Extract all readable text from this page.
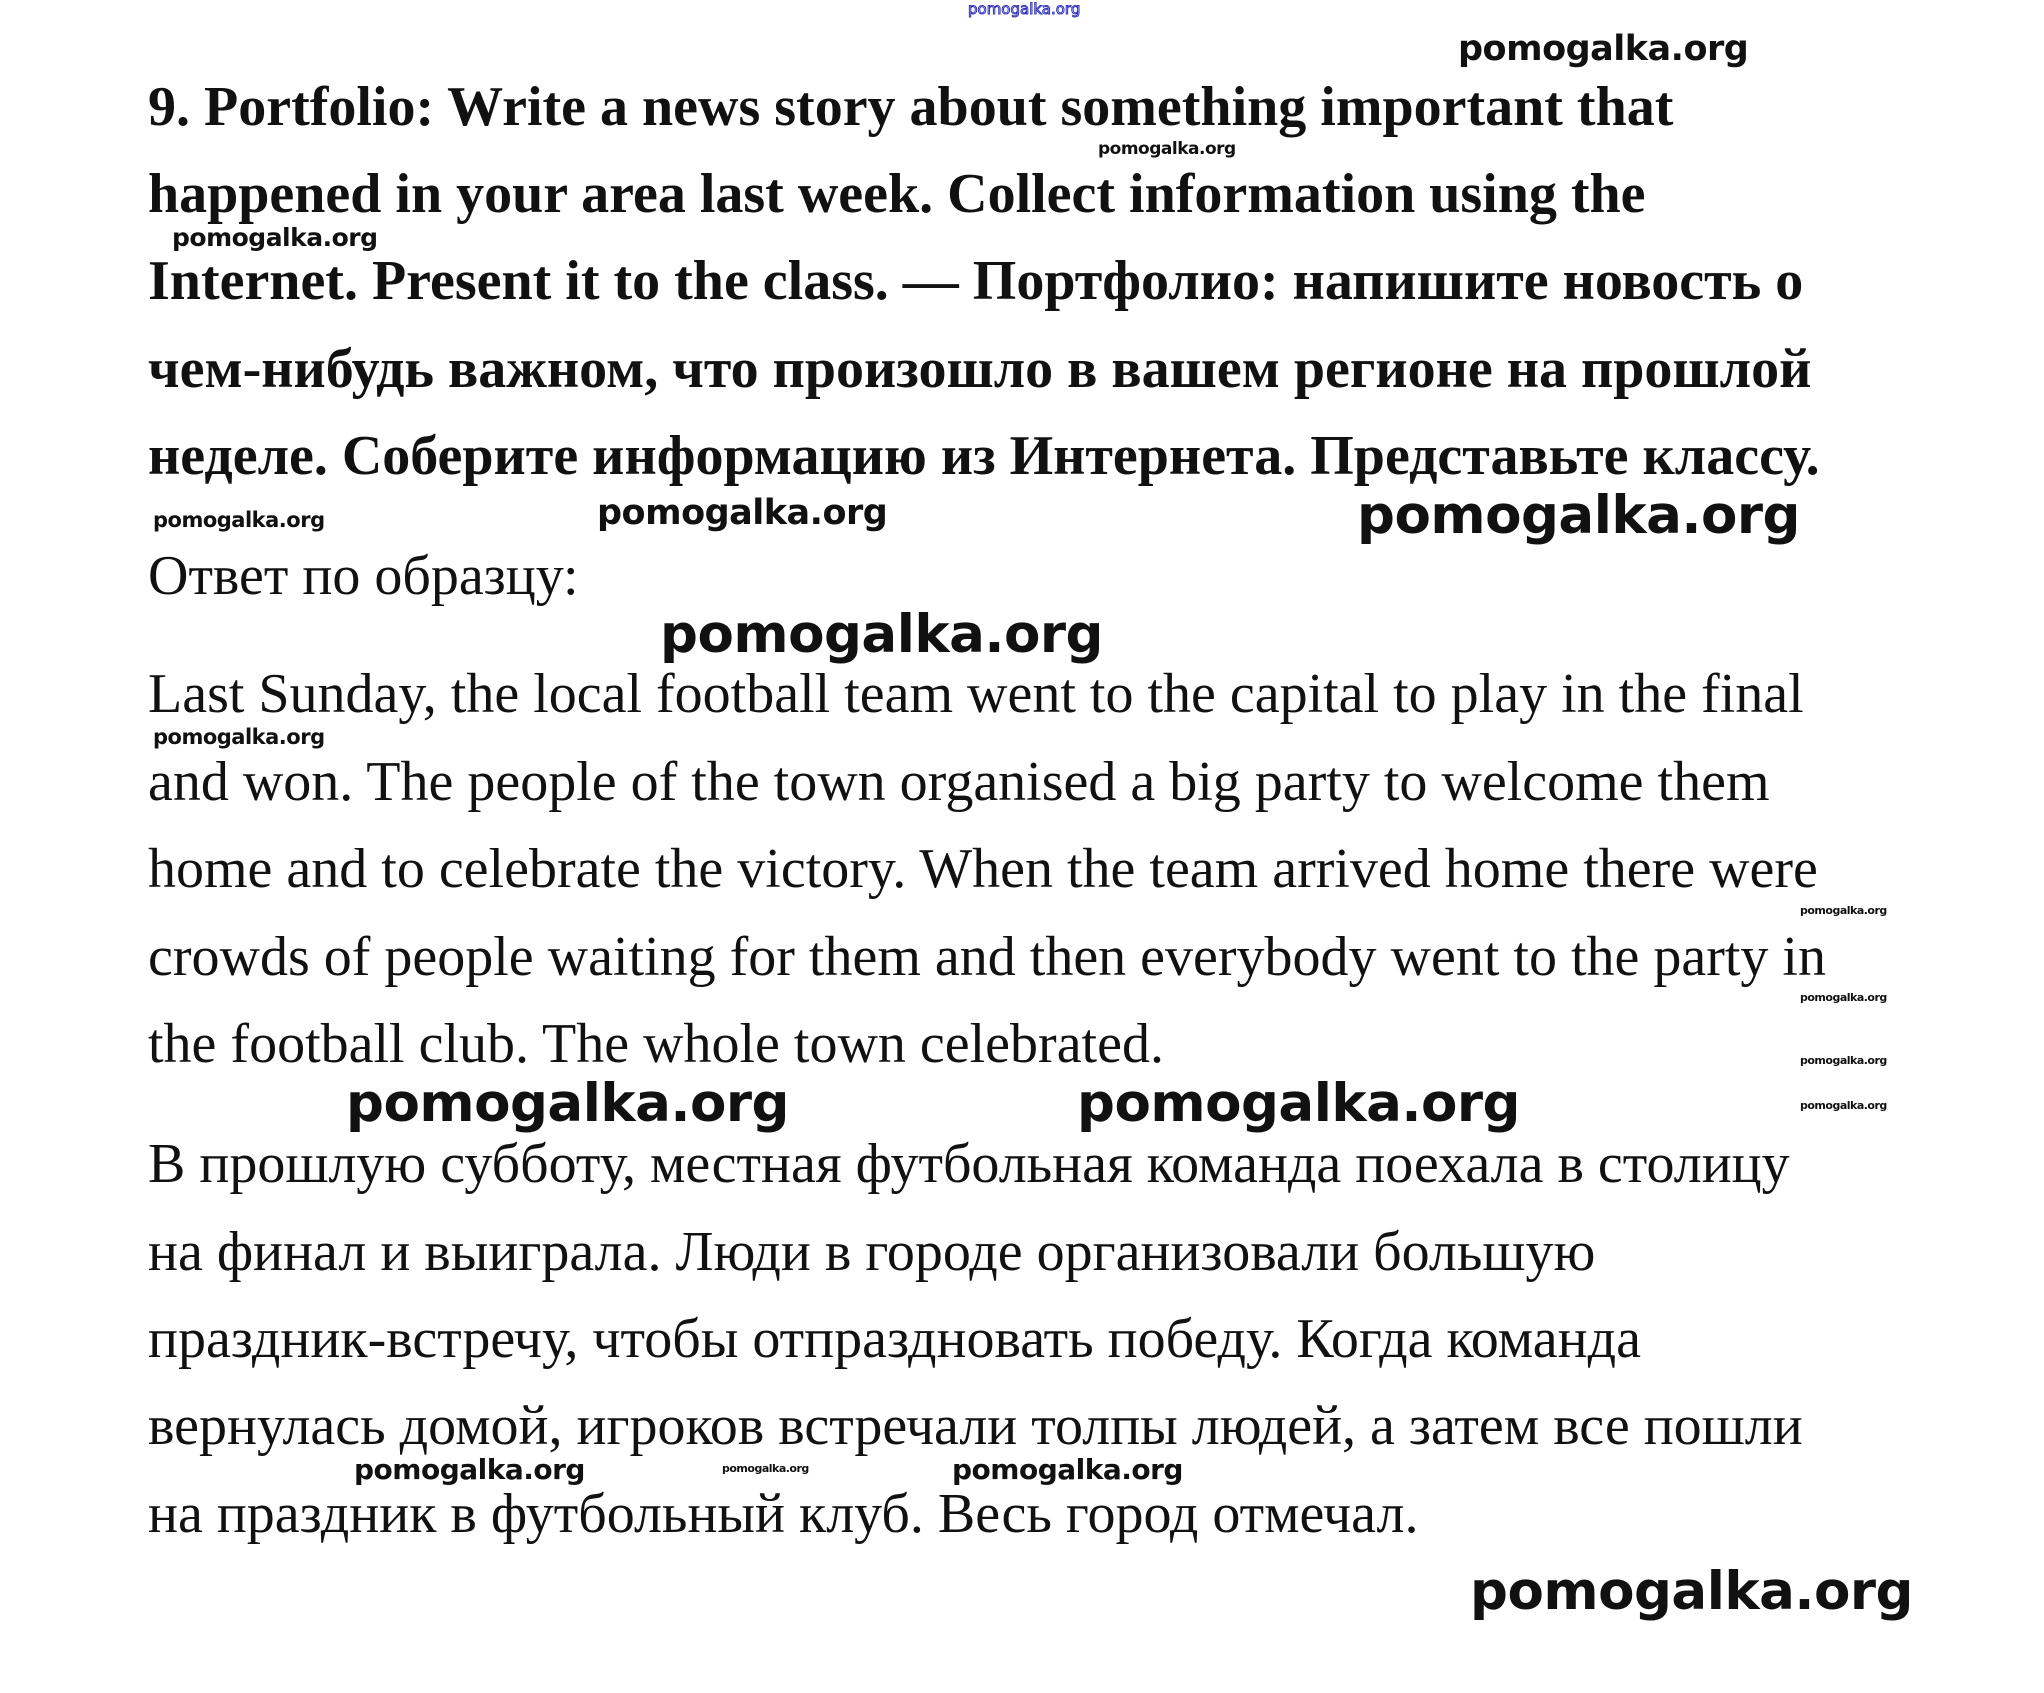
pomogalka.org
9. Portfolio: Write a news story about something important that
happened in your area last week. Collect information using the
Internet. Present it to the class. — Портфолио: напишите новость о
чем-нибудь важном, что произошло в вашем регионе на прошлой
неделе. Соберите информацию из Интернета. Представьте классу.
Ответ по образцу:
Last Sunday, the local football team went to the capital to play in the final
and won. The people of the town organised a big party to welcome them
home and to celebrate the victory. When the team arrived home there were
crowds of people waiting for them and then everybody went to the party in
the football club. The whole town celebrated.
В прошлую субботу, местная футбольная команда поехала в столицу
на финал и выиграла. Люди в городе организовали большую
праздник-встречу, чтобы отпраздновать победу. Когда команда
вернулась домой, игроков встречали толпы людей, а затем все пошли
на праздник в футбольный клуб. Весь город отмечал.
pomogalka.org
pomogalka.org
pomogalka.org
pomogalka.org	pomogalka.org
pomogalka.org
pomogalka.org
pomogalka.org
pomogalka.org
pomogalka.org
pomogalka.org
pomogalka.org
pomogalka.org	pomogalka.org
pomogalka.org	pomogalka.org	pomogalka.org
pomogalka.org
